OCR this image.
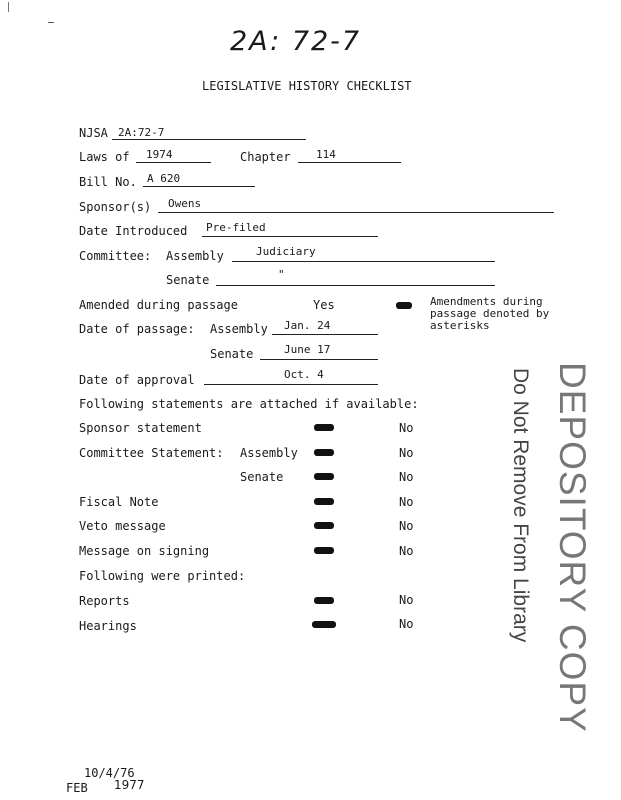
2A: 72-7
LEGISLATIVE HISTORY CHECKLIST
NJSA 2A:72-7
Laws of 1974	Chapter 114
Bill No. A 620
Sponsor(s) Owens
Date Introduced Pre-filed
Committee: Assembly	Judiciary
Senate	"
Amended during passage	Yes	Amendments during
passage denoted by
asterisks
Date of passage: Assembly Jan. 24
Senate	June 17
Date of approval	Oct. 4
Following statements are attached if available:
Sponsor statement	No
Committee Statement: Assembly	No
Senate	No
Fiscal Note	No
Veto message	No
Message on signing	No
Following were printed:
Reports	No
Hearings	No	DEPOSITORY COPY
Do Not Remove From Library
10/4/76
FEB 1977
